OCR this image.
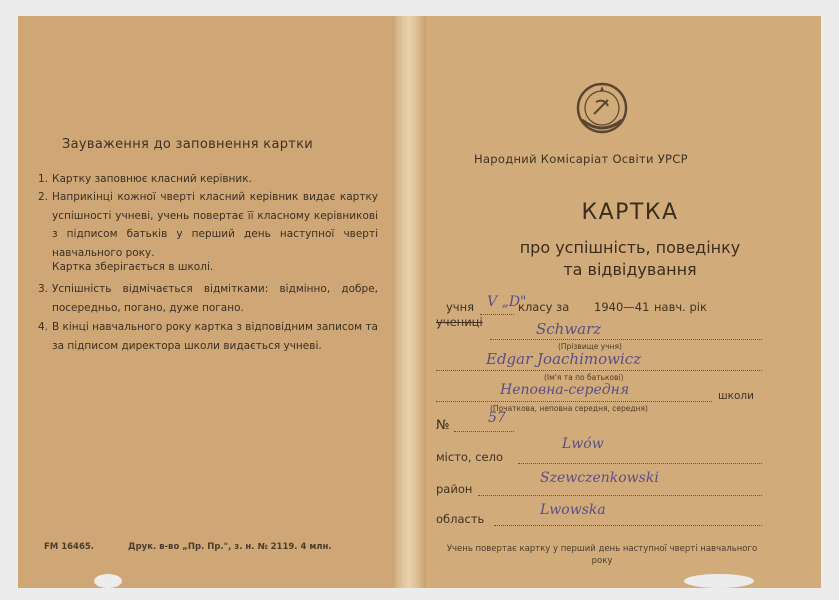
Зауваження до заповнення картки
1. Картку заповнює класний керівник.
2. Наприкінці кожної чверті класний керівник видає картку успішності учневі, учень повертає її класному керівникові з підписом батьків у перший день наступної чверті навчального року.
Картка зберігається в школі.
3. Успішність відмічається відмітками: відмінно, добре, посередньо, погано, дуже погано.
4. В кінці навчального року картка з відповідним записом та за підписом директора школи видається учневі.
FM 16465.	Друк. в-во „Пр. Пр.", з. н. № 2119. 4 млн.
Народний Комісаріат Освіти УРСР
КАРТКА
про успішність, поведінку
та відвідування
учня
учениці
V „D"
класу за 1940—41 навч. рік
Schwarz
(Прізвище учня)
Edgar Joachimowicz
(Ім'я та по батькові)
Неповна-середня	школи
(Початкова, неповна середня, середня)
№	57
місто, село
Lwów
район
Szewczenkowski
область
Lwowska
Учень повертає картку у перший день наступної чверті навчального року
